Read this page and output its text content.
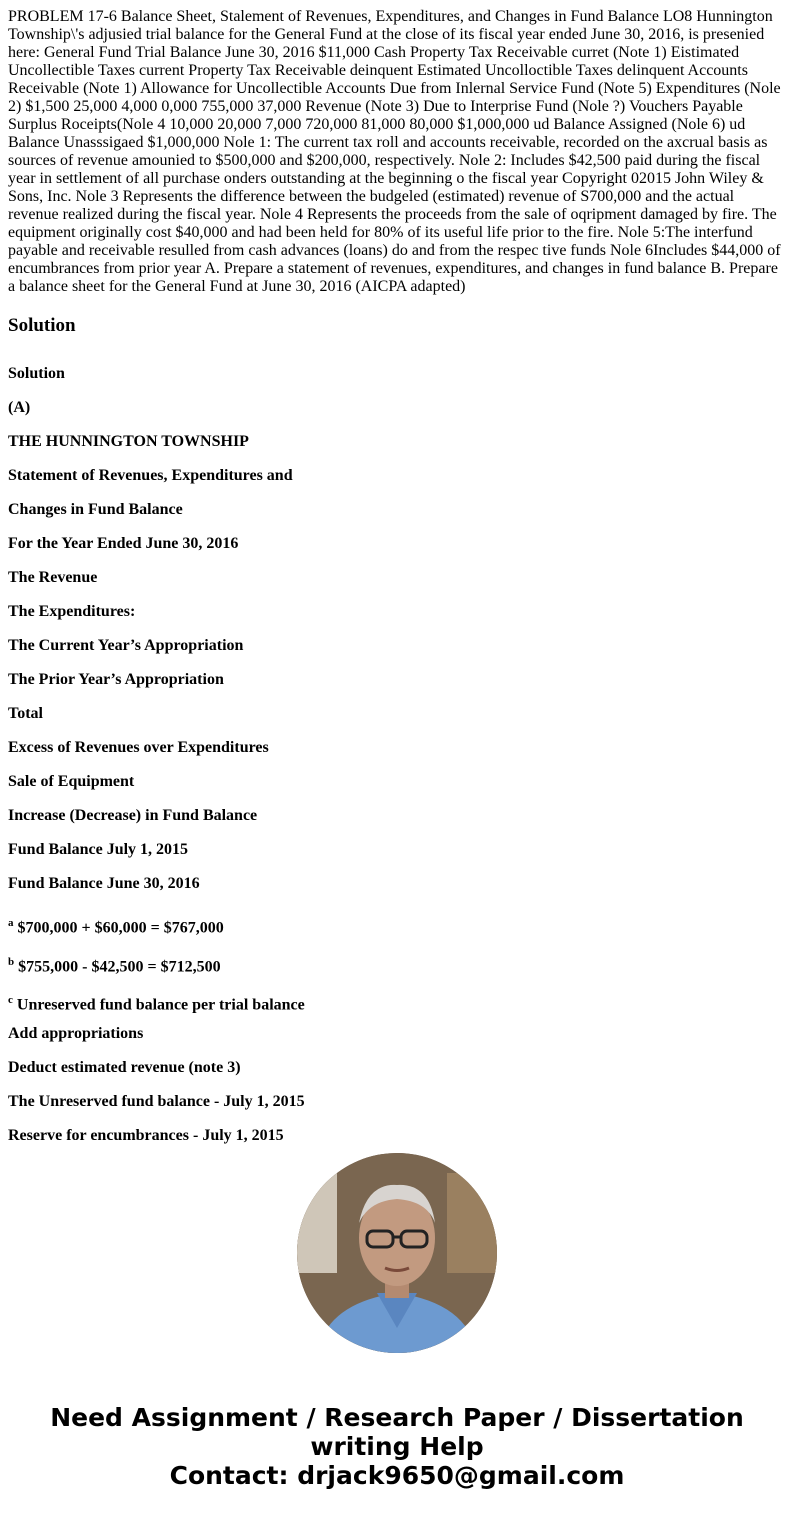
PROBLEM 17-6 Balance Sheet, Stalement of Revenues, Expenditures, and Changes in Fund Balance LO8 Hunnington Township\'s adjusied trial balance for the General Fund at the close of its fiscal year ended June 30, 2016, is presenied here: General Fund Trial Balance June 30, 2016 $11,000 Cash Property Tax Receivable curret (Note 1) Eistimated Uncollectible Taxes current Property Tax Receivable deinquent Estimated Uncolloctible Taxes delinquent Accounts Receivable (Note 1) Allowance for Uncollectible Accounts Due from Inlernal Service Fund (Note 5) Expenditures (Nole 2) $1,500 25,000 4,000 0,000 755,000 37,000 Revenue (Note 3) Due to Interprise Fund (Nole ?) Vouchers Payable Surplus Roceipts(Nole 4 10,000 20,000 7,000 720,000 81,000 80,000 $1,000,000 ud Balance Assigned (Nole 6) ud Balance Unasssigaed $1,000,000 Nole 1: The current tax roll and accounts receivable, recorded on the axcrual basis as sources of revenue amounied to $500,000 and $200,000, respectively. Nole 2: Includes $42,500 paid during the fiscal year in settlement of all purchase onders outstanding at the beginning o the fiscal year Copyright 02015 John Wiley & Sons, Inc. Nole 3 Represents the difference between the budgeled (estimated) revenue of S700,000 and the actual revenue realized during the fiscal year. Nole 4 Represents the proceeds from the sale of oqripment damaged by fire. The equipment originally cost $40,000 and had been held for 80% of its useful life prior to the fire. Nole 5:The interfund payable and receivable resulled from cash advances (loans) do and from the respec tive funds Nole 6Includes $44,000 of encumbrances from prior year A. Prepare a statement of revenues, expenditures, and changes in fund balance B. Prepare a balance sheet for the General Fund at June 30, 2016 (AICPA adapted)

Solution
Solution
(A)
THE HUNNINGTON TOWNSHIP
Statement of Revenues, Expenditures and
Changes in Fund Balance
For the Year Ended June 30, 2016
The Revenue
The Expenditures:
The Current Year’s Appropriation
The Prior Year’s Appropriation
Total
Excess of Revenues over Expenditures
Sale of Equipment
Increase (Decrease) in Fund Balance
Fund Balance July 1, 2015
Fund Balance June 30, 2016
$^a$ $700,000 + $60,000 = $767,000
$^b$ $755,000 - $42,500 = $712,500
$^c$ Unreserved fund balance per trial balance
Add appropriations
Deduct estimated revenue (note 3)
The Unreserved fund balance - July 1, 2015
Reserve for encumbrances - July 1, 2015
Need Assignment / Research Paper / Dissertation writing Help
Contact: drjack9650@gmail.com
